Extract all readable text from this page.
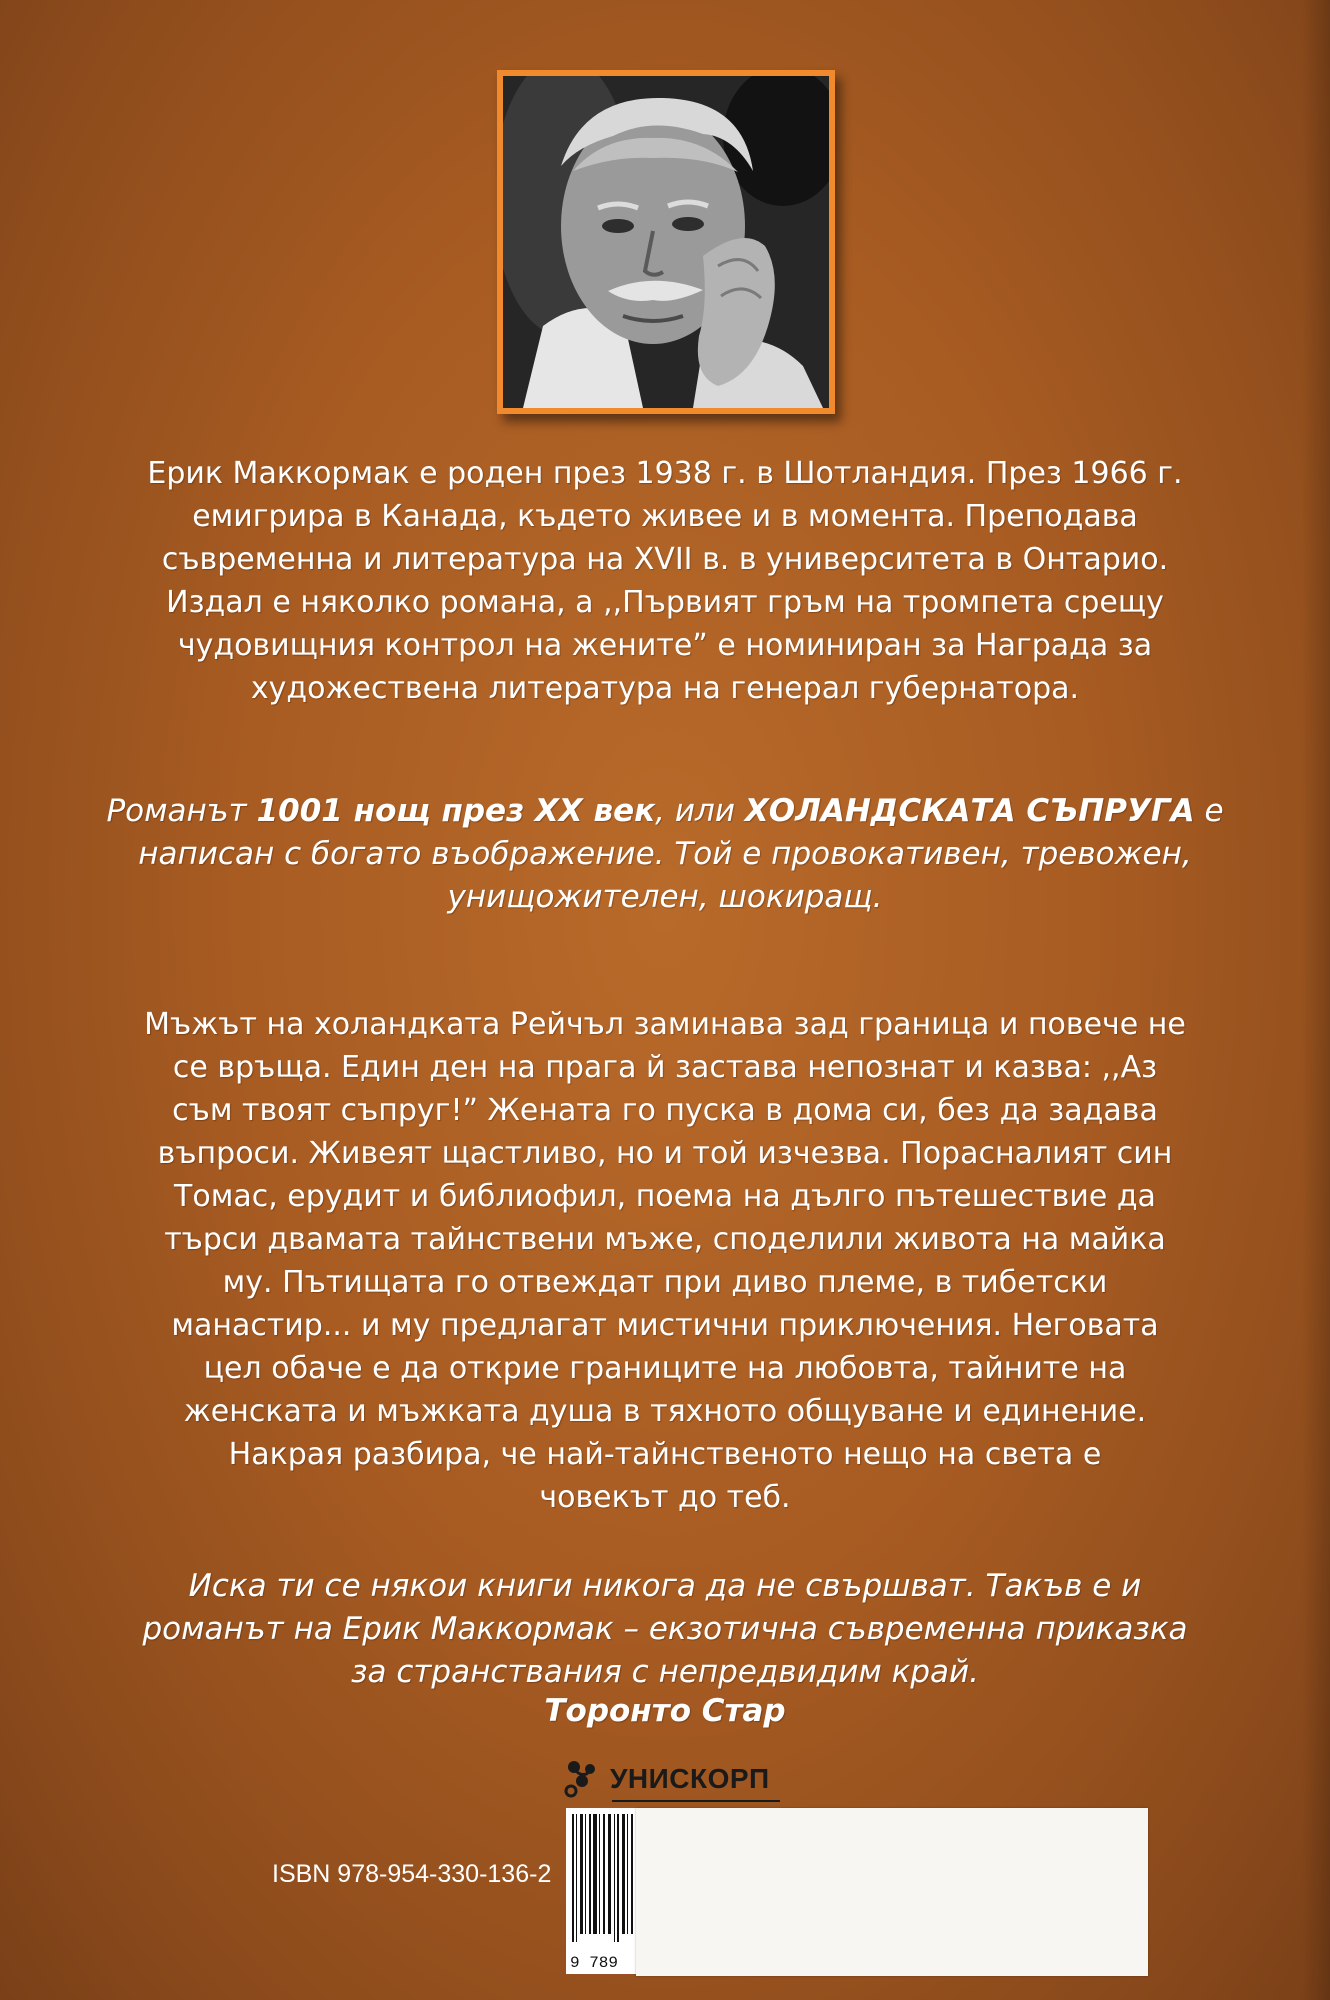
Ерик Маккормак е роден през 1938 г. в Шотландия. През 1966 г.
емигрира в Канада, където живее и в момента. Преподава
съвременна и литература на XVII в. в университета в Онтарио.
Издал е няколко романа, а ,,Първият гръм на тромпета срещу
чудовищния контрол на жените” е номиниран за Награда за
художествена литература на генерал губернатора.
Романът 1001 нощ през XX век, или ХОЛАНДСКАТА СЪПРУГА е
написан с богато въображение. Той е провокативен, тревожен,
унищожителен, шокиращ.
Мъжът на холандката Рейчъл заминава зад граница и повече не
се връща. Един ден на прага й застава непознат и казва: ,,Аз
съм твоят съпруг!” Жената го пуска в дома си, без да задава
въпроси. Живеят щастливо, но и той изчезва. Порасналият син
Томас, ерудит и библиофил, поема на дълго пътешествие да
търси двамата тайнствени мъже, споделили живота на майка
му. Пътищата го отвеждат при диво племе, в тибетски
манастир... и му предлагат мистични приключения. Неговата
цел обаче е да открие границите на любовта, тайните на
женската и мъжката душа в тяхното общуване и единение.
Накрая разбира, че най-тайнственото нещо на света е
човекът до теб.
Иска ти се някои книги никога да не свършват. Такъв е и
романът на Ерик Маккормак – екзотична съвременна приказка
за странствания с непредвидим край.
Торонто Стар
УНИСКОРП
ISBN 978-954-330-136-2
9 789
